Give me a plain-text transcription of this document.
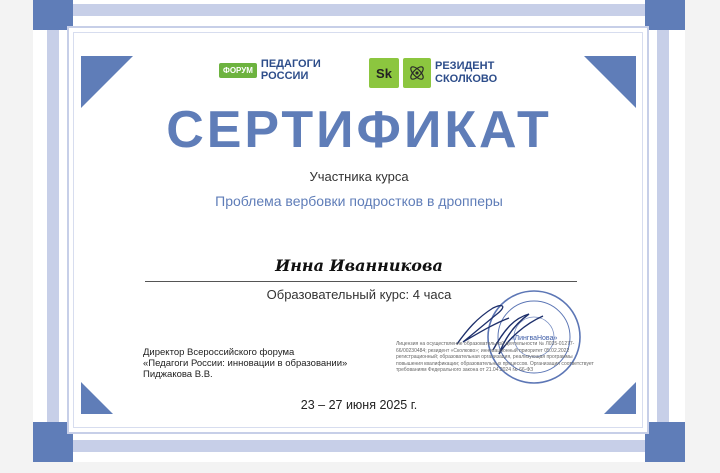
ФОРУМ ПЕДАГОГИ
РОССИИ	Sk	РЕЗИДЕНТ
СКОЛКОВО
СЕРТИФИКАТ
Участника курса
Проблема вербовки подростков в дропперы
Инна Иванникова
Образовательный курс: 4 часа
«ЛингваНова»
Директор Всероссийского форума
«Педагоги России: инновации в образовании»
Пиджакова В.В.
Лицензия на осуществление образовательной деятельности № Л035-01277-66/00230484; резидент «Сколково»; инновационный приоритет 05.02.2022 регистрационный; образовательная организация, реализующая программы повышения квалификации; образовательных процессов. Организация соответствует требованиям Федерального закона от 21.04.2024 № 66-ФЗ
23 – 27 июня 2025 г.
